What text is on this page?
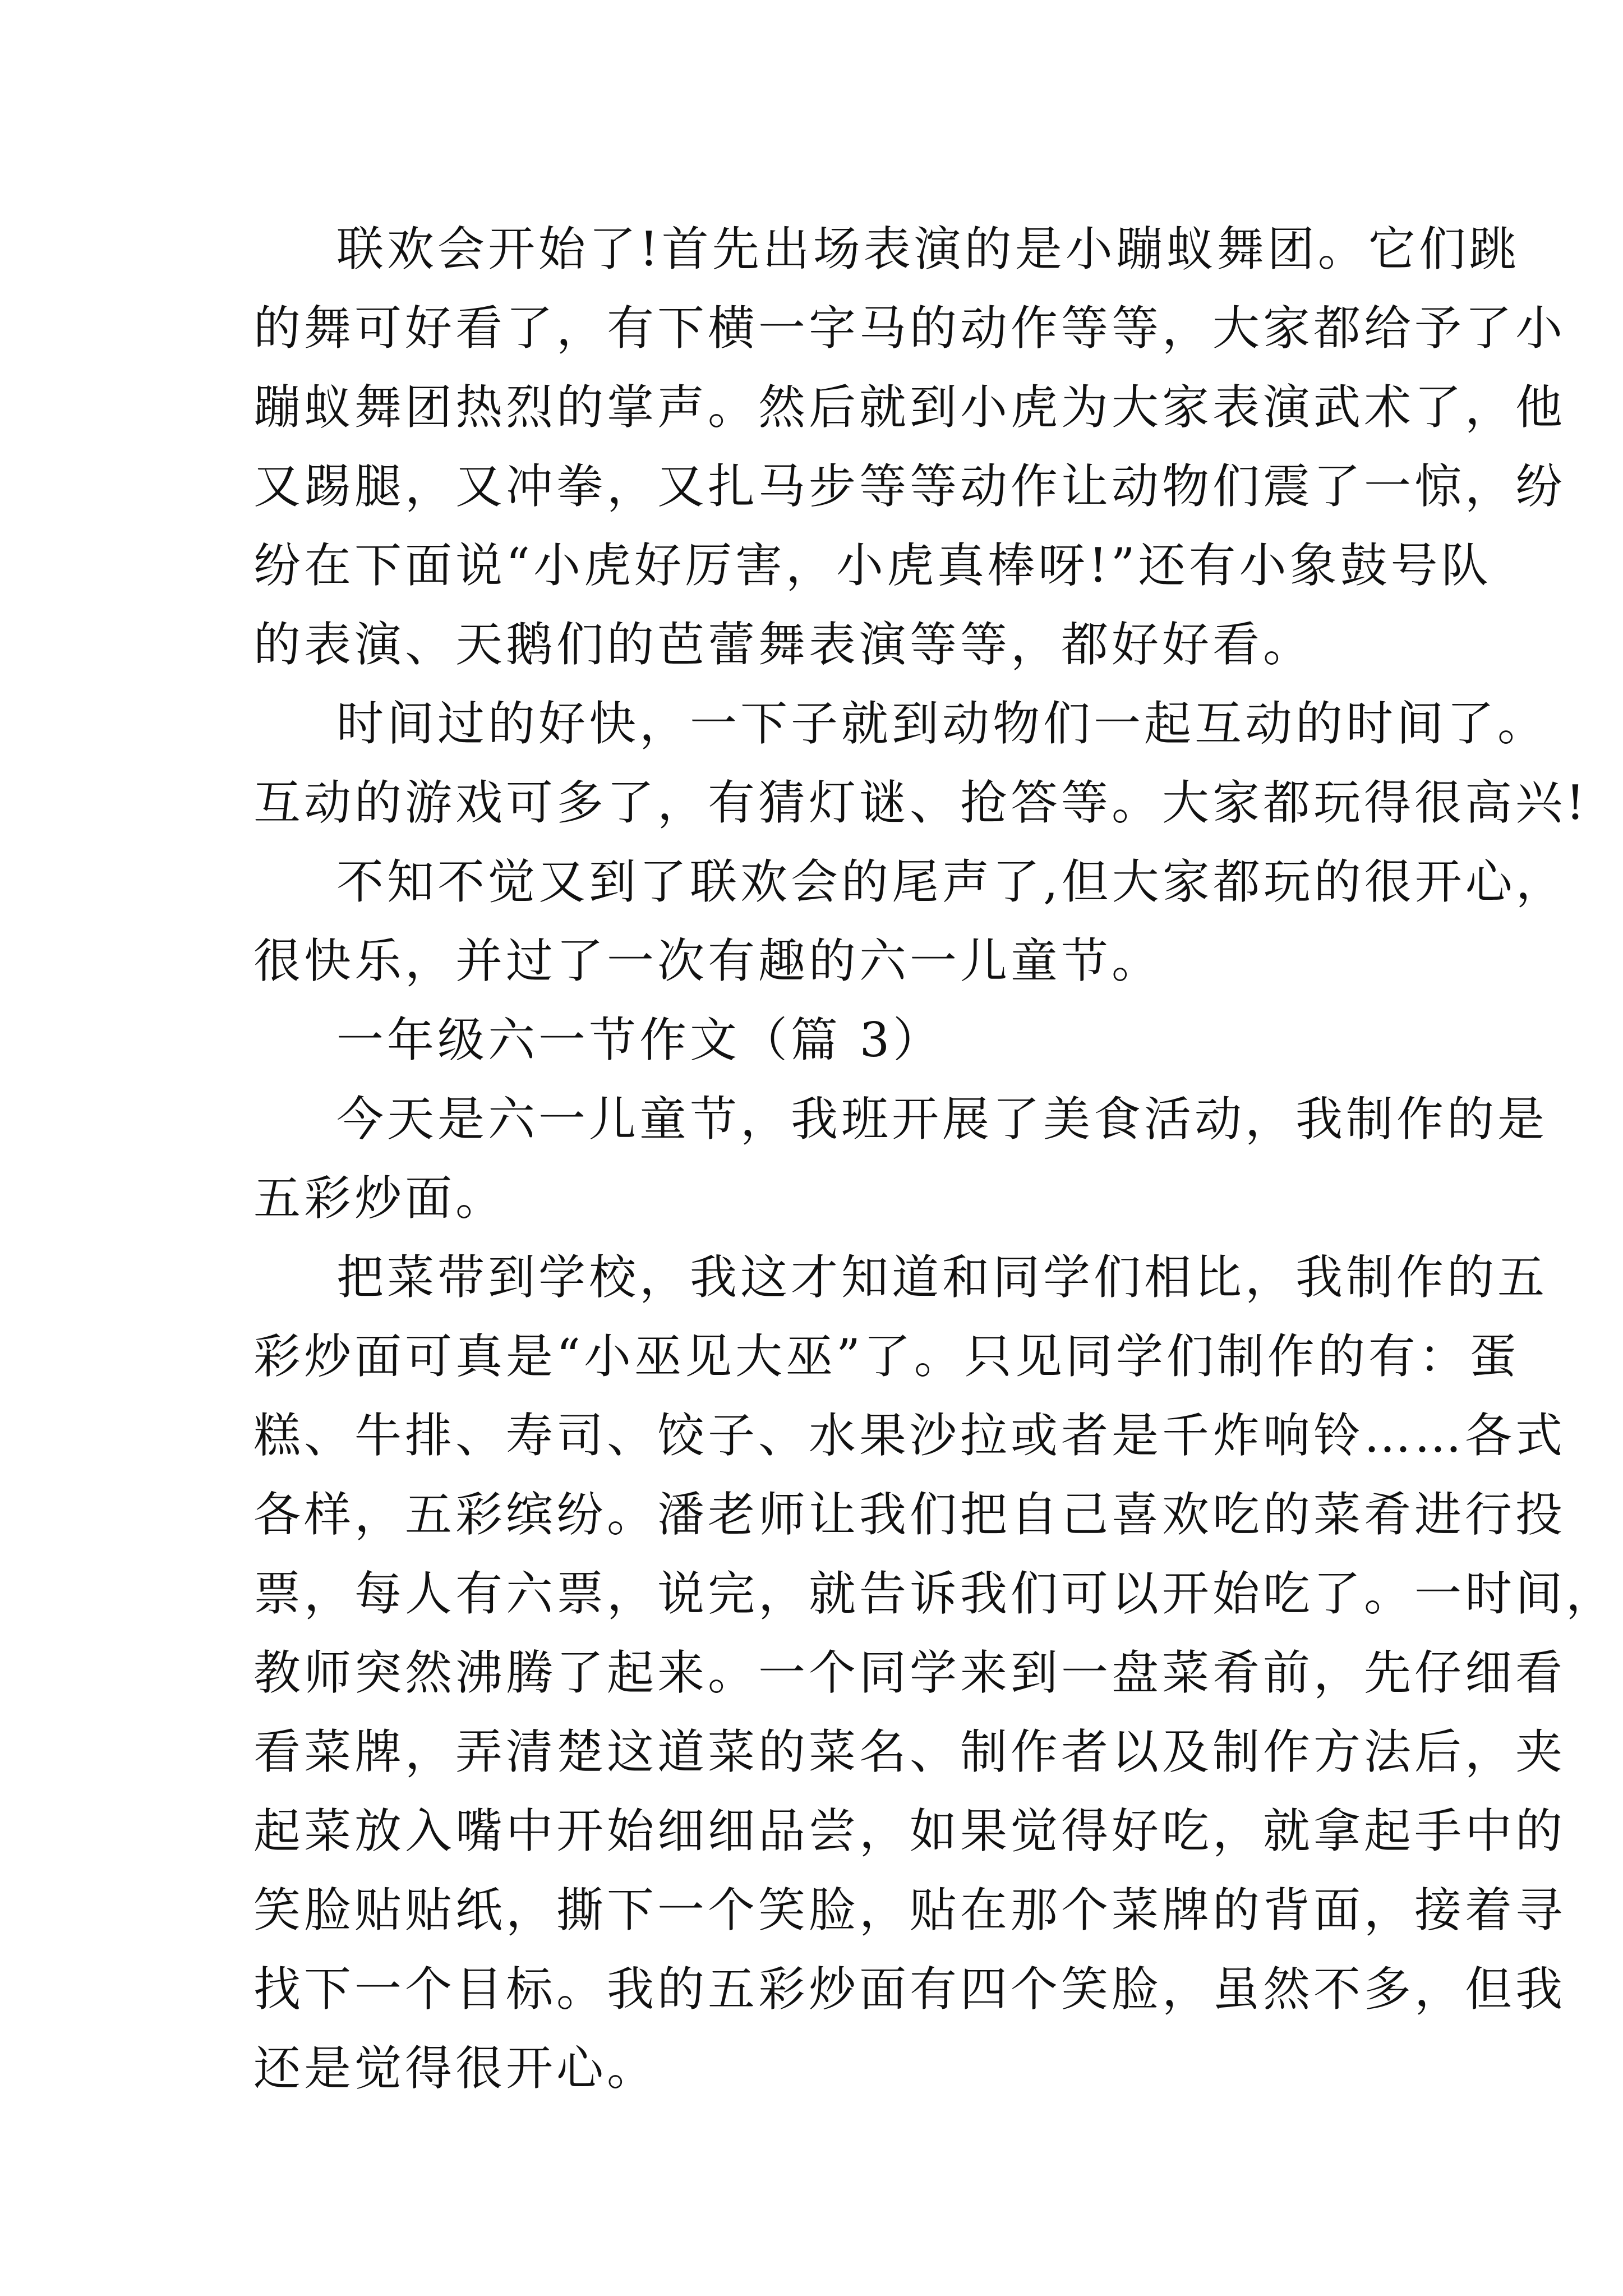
联欢会开始了!首先出场表演的是小蹦蚁舞团。它们跳
的舞可好看了，有下横一字马的动作等等，大家都给予了小
蹦蚁舞团热烈的掌声。然后就到小虎为大家表演武术了，他
又踢腿，又冲拳，又扎马步等等动作让动物们震了一惊，纷
纷在下面说“小虎好厉害，小虎真棒呀!”还有小象鼓号队
的表演、天鹅们的芭蕾舞表演等等，都好好看。
时间过的好快，一下子就到动物们一起互动的时间了。
互动的游戏可多了，有猜灯谜、抢答等。大家都玩得很高兴!
不知不觉又到了联欢会的尾声了,但大家都玩的很开心，
很快乐，并过了一次有趣的六一儿童节。
一年级六一节作文（篇 3）
今天是六一儿童节，我班开展了美食活动，我制作的是
五彩炒面。
把菜带到学校，我这才知道和同学们相比，我制作的五
彩炒面可真是“小巫见大巫”了。只见同学们制作的有：蛋
糕、牛排、寿司、饺子、水果沙拉或者是千炸响铃……各式
各样，五彩缤纷。潘老师让我们把自己喜欢吃的菜肴进行投
票，每人有六票，说完，就告诉我们可以开始吃了。一时间，
教师突然沸腾了起来。一个同学来到一盘菜肴前，先仔细看
看菜牌，弄清楚这道菜的菜名、制作者以及制作方法后，夹
起菜放入嘴中开始细细品尝，如果觉得好吃，就拿起手中的
笑脸贴贴纸，撕下一个笑脸，贴在那个菜牌的背面，接着寻
找下一个目标。我的五彩炒面有四个笑脸，虽然不多，但我
还是觉得很开心。
